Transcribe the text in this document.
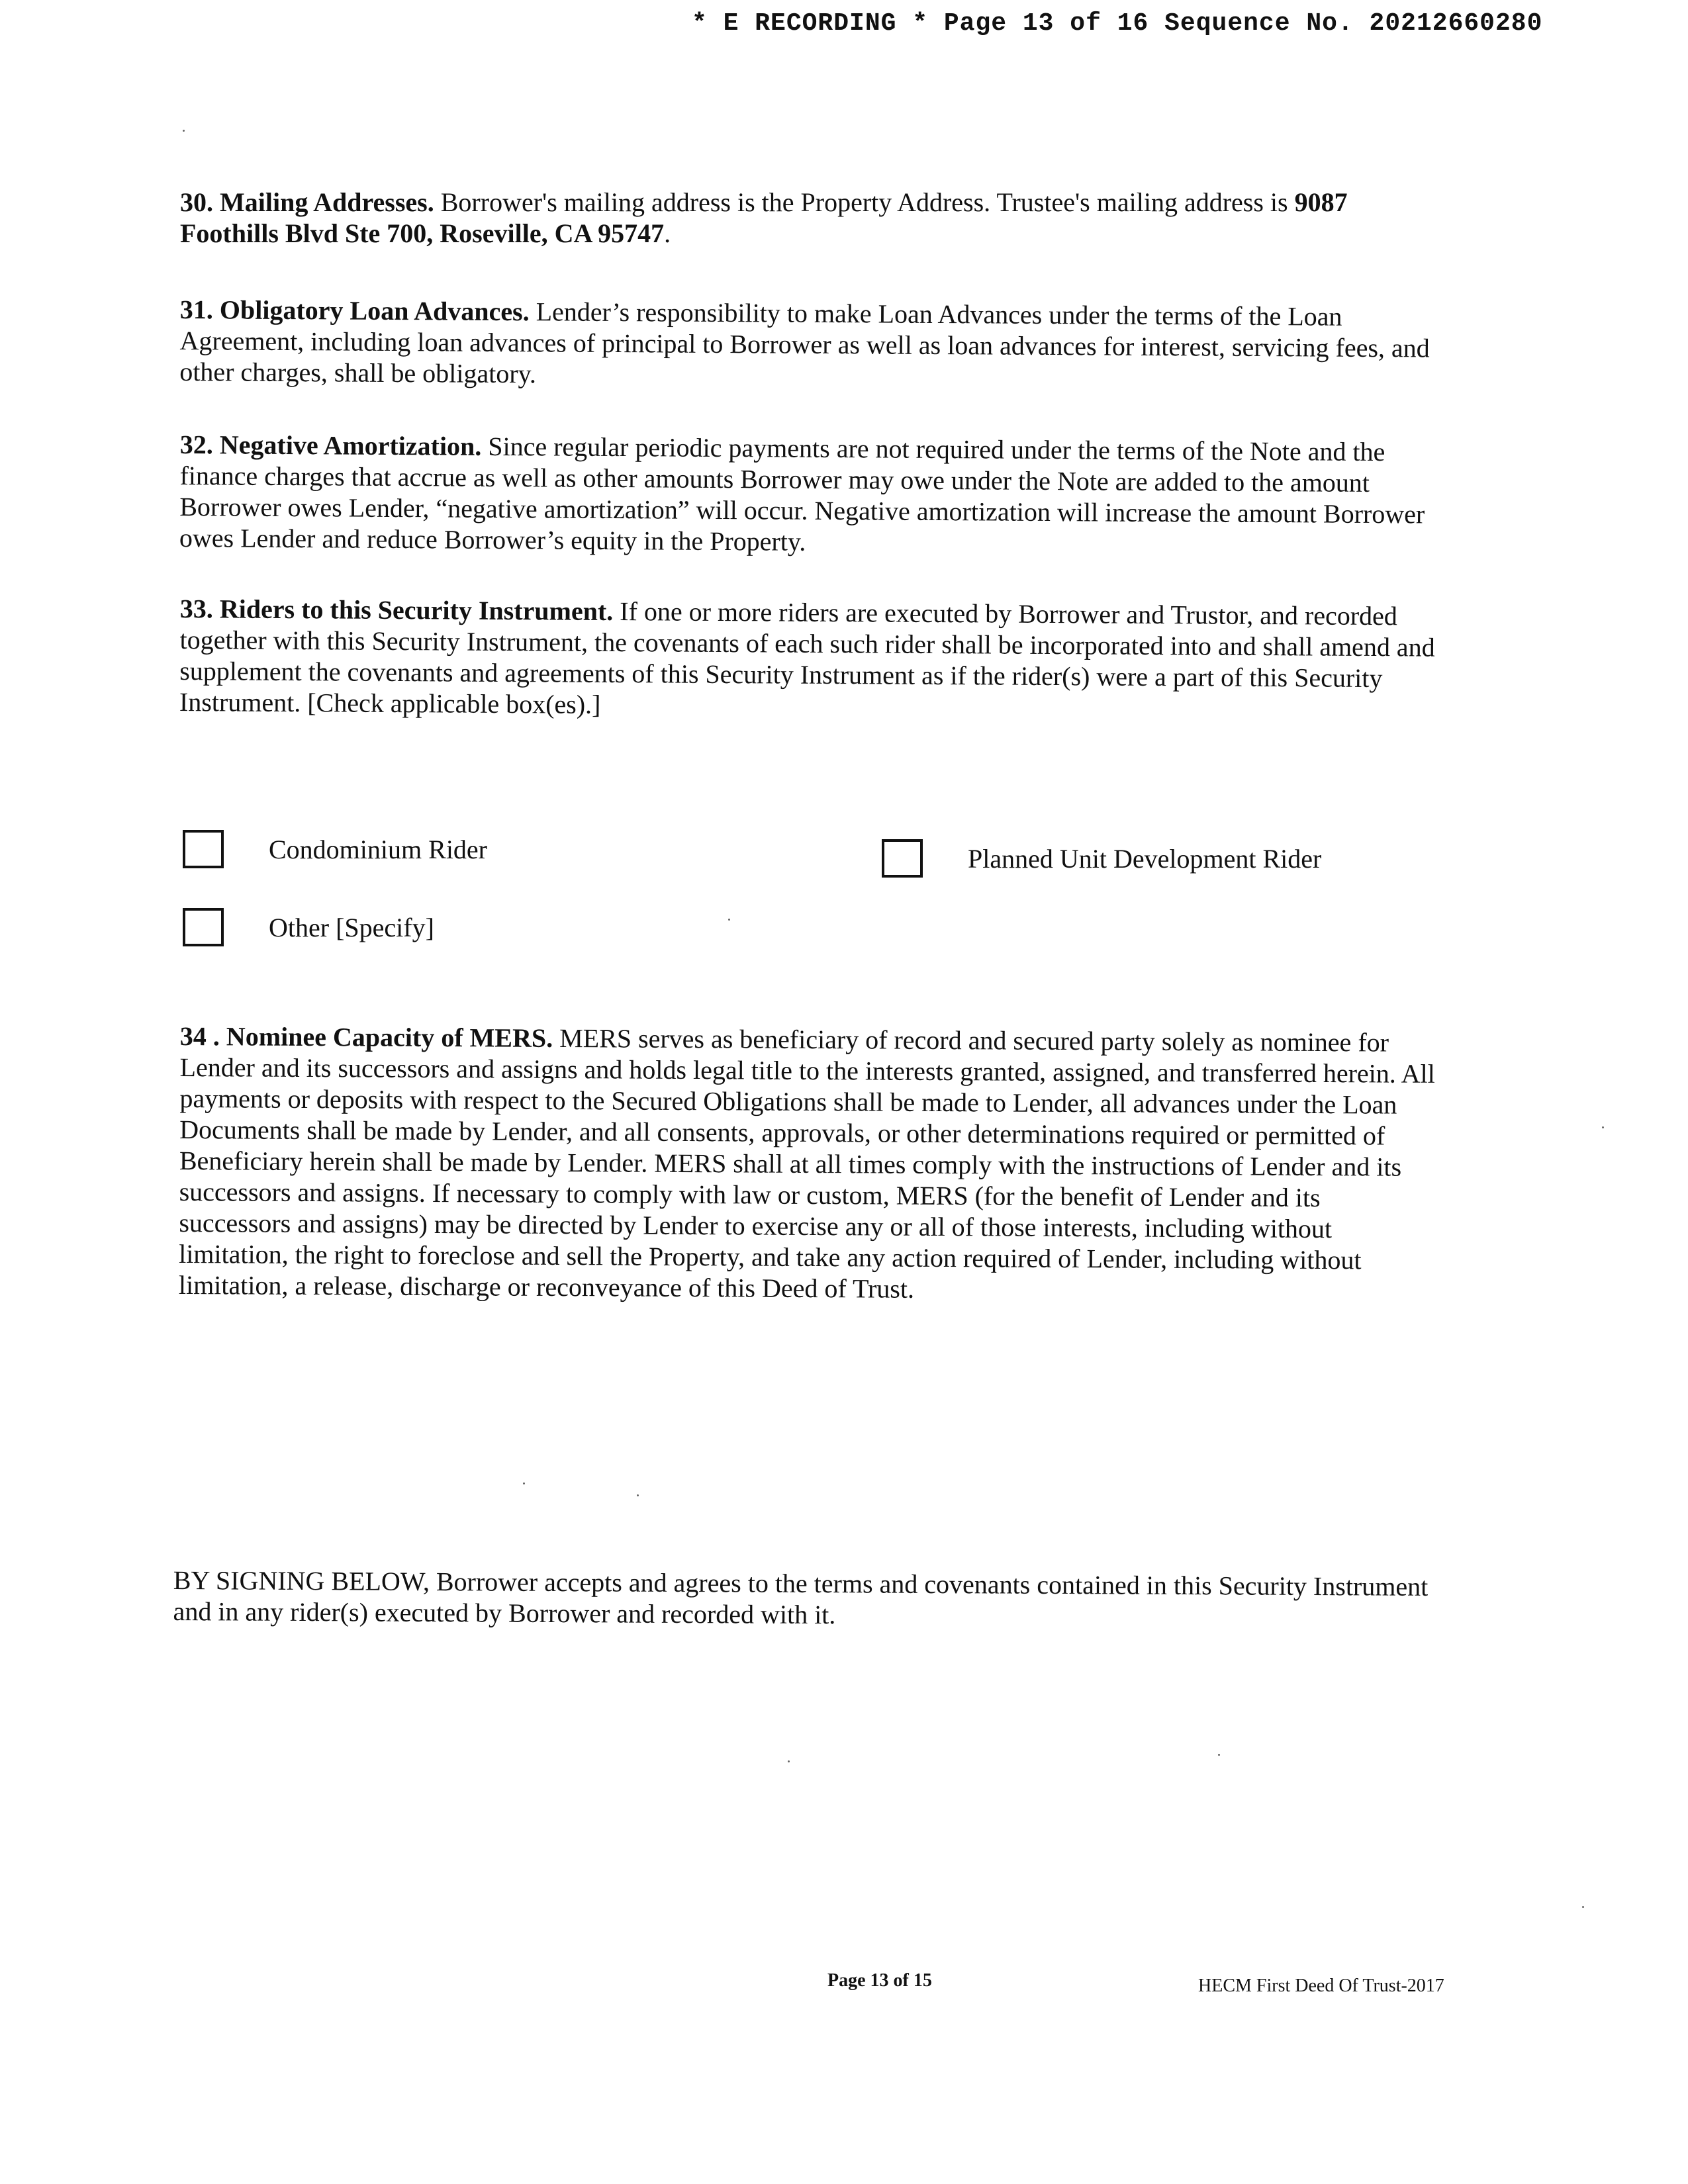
* E RECORDING * Page 13 of 16 Sequence No. 20212660280
30. Mailing Addresses. Borrower's mailing address is the Property Address. Trustee's mailing address is 9087 Foothills Blvd Ste 700, Roseville, CA 95747.
31. Obligatory Loan Advances. Lender’s responsibility to make Loan Advances under the terms of the Loan Agreement, including loan advances of principal to Borrower as well as loan advances for interest, servicing fees, and other charges, shall be obligatory.
32. Negative Amortization. Since regular periodic payments are not required under the terms of the Note and the finance charges that accrue as well as other amounts Borrower may owe under the Note are added to the amount Borrower owes Lender, “negative amortization” will occur. Negative amortization will increase the amount Borrower owes Lender and reduce Borrower’s equity in the Property.
33. Riders to this Security Instrument. If one or more riders are executed by Borrower and Trustor, and recorded together with this Security Instrument, the covenants of each such rider shall be incorporated into and shall amend and supplement the covenants and agreements of this Security Instrument as if the rider(s) were a part of this Security Instrument. [Check applicable box(es).]
Condominium Rider	Planned Unit Development Rider
Other [Specify]
34 . Nominee Capacity of MERS. MERS serves as beneficiary of record and secured party solely as nominee for Lender and its successors and assigns and holds legal title to the interests granted, assigned, and transferred herein. All payments or deposits with respect to the Secured Obligations shall be made to Lender, all advances under the Loan Documents shall be made by Lender, and all consents, approvals, or other determinations required or permitted of Beneficiary herein shall be made by Lender. MERS shall at all times comply with the instructions of Lender and its successors and assigns. If necessary to comply with law or custom, MERS (for the benefit of Lender and its successors and assigns) may be directed by Lender to exercise any or all of those interests, including without limitation, the right to foreclose and sell the Property, and take any action required of Lender, including without limitation, a release, discharge or reconveyance of this Deed of Trust.
BY SIGNING BELOW, Borrower accepts and agrees to the terms and covenants contained in this Security Instrument and in any rider(s) executed by Borrower and recorded with it.
Page 13 of 15	HECM First Deed Of Trust-2017
